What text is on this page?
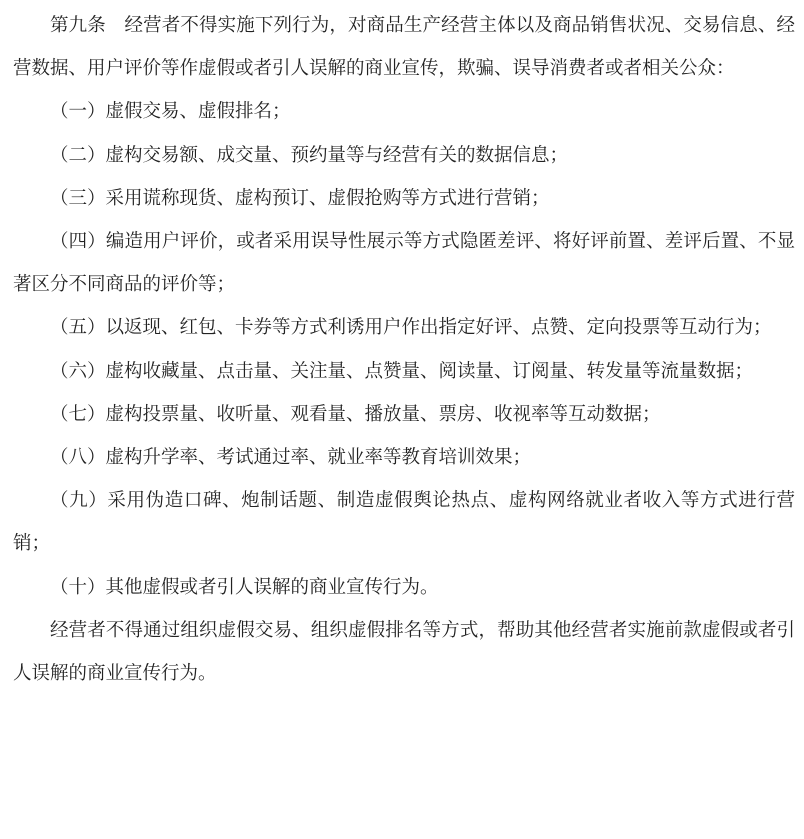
第九条　经营者不得实施下列行为，对商品生产经营主体以及商品销售状况、交易信息、经营数据、用户评价等作虚假或者引人误解的商业宣传，欺骗、误导消费者或者相关公众：

（一）虚假交易、虚假排名；

（二）虚构交易额、成交量、预约量等与经营有关的数据信息；

（三）采用谎称现货、虚构预订、虚假抢购等方式进行营销；

（四）编造用户评价，或者采用误导性展示等方式隐匿差评、将好评前置、差评后置、不显著区分不同商品的评价等；

（五）以返现、红包、卡券等方式利诱用户作出指定好评、点赞、定向投票等互动行为；

（六）虚构收藏量、点击量、关注量、点赞量、阅读量、订阅量、转发量等流量数据；

（七）虚构投票量、收听量、观看量、播放量、票房、收视率等互动数据；

（八）虚构升学率、考试通过率、就业率等教育培训效果；

（九）采用伪造口碑、炮制话题、制造虚假舆论热点、虚构网络就业者收入等方式进行营销；

（十）其他虚假或者引人误解的商业宣传行为。

经营者不得通过组织虚假交易、组织虚假排名等方式，帮助其他经营者实施前款虚假或者引人误解的商业宣传行为。
